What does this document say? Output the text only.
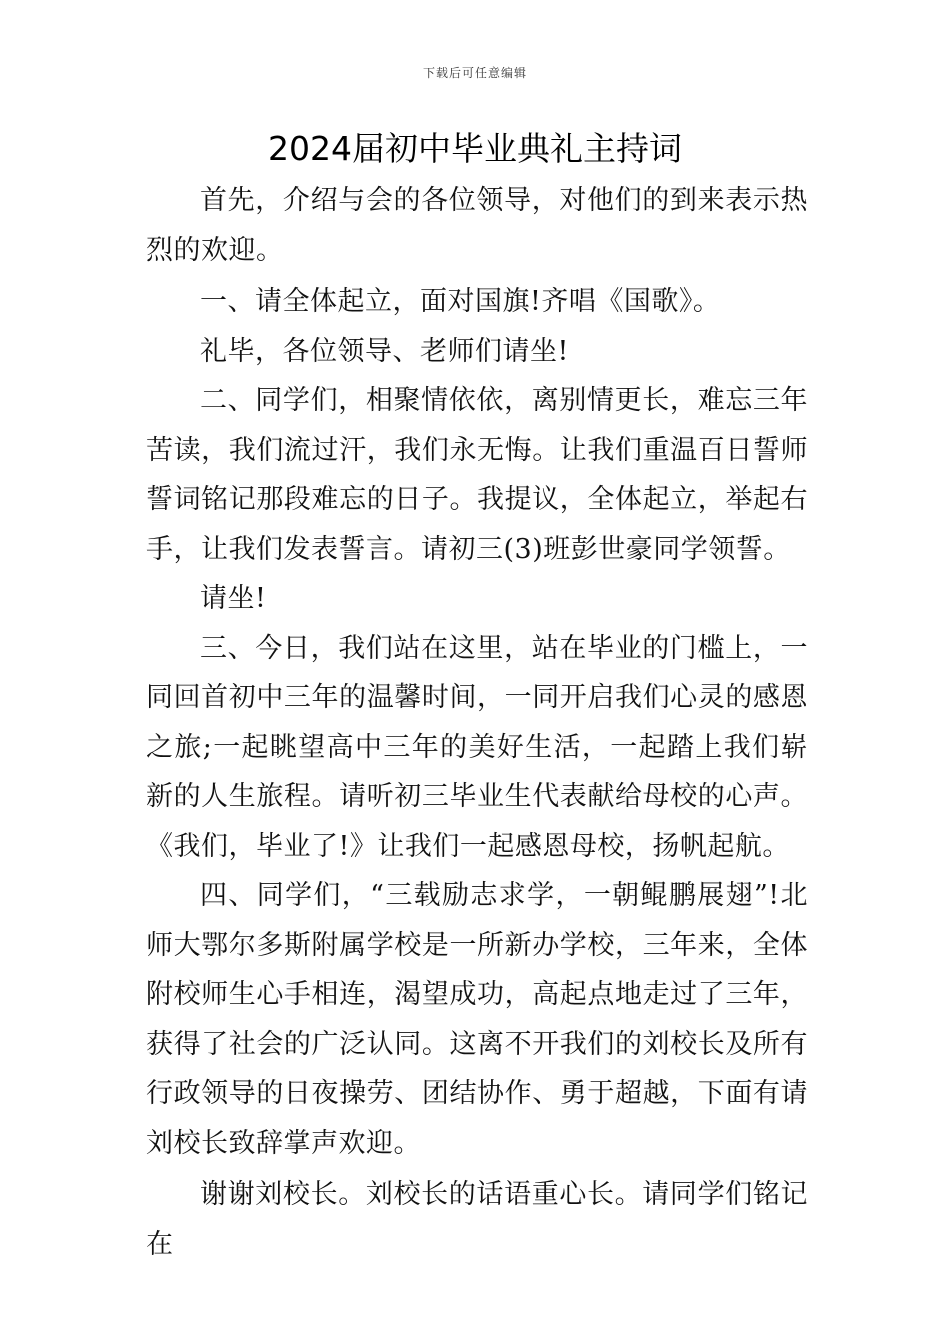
下载后可任意编辑
2024届初中毕业典礼主持词

首先，介绍与会的各位领导，对他们的到来表示热烈的欢迎。

一、请全体起立，面对国旗!齐唱《国歌》。

礼毕，各位领导、老师们请坐!

二、同学们，相聚情依依，离别情更长，难忘三年苦读，我们流过汗，我们永无悔。让我们重温百日誓师誓词铭记那段难忘的日子。我提议，全体起立，举起右手，让我们发表誓言。请初三(3)班彭世豪同学领誓。

请坐!

三、今日，我们站在这里，站在毕业的门槛上，一同回首初中三年的温馨时间，一同开启我们心灵的感恩之旅;一起眺望高中三年的美好生活，一起踏上我们崭新的人生旅程。请听初三毕业生代表献给母校的心声。《我们，毕业了!》让我们一起感恩母校，扬帆起航。

四、同学们，“三载励志求学，一朝鲲鹏展翅”!北师大鄂尔多斯附属学校是一所新办学校，三年来，全体附校师生心手相连，渴望成功，高起点地走过了三年，获得了社会的广泛认同。这离不开我们的刘校长及所有行政领导的日夜操劳、团结协作、勇于超越，下面有请刘校长致辞掌声欢迎。

谢谢刘校长。刘校长的话语重心长。请同学们铭记在
